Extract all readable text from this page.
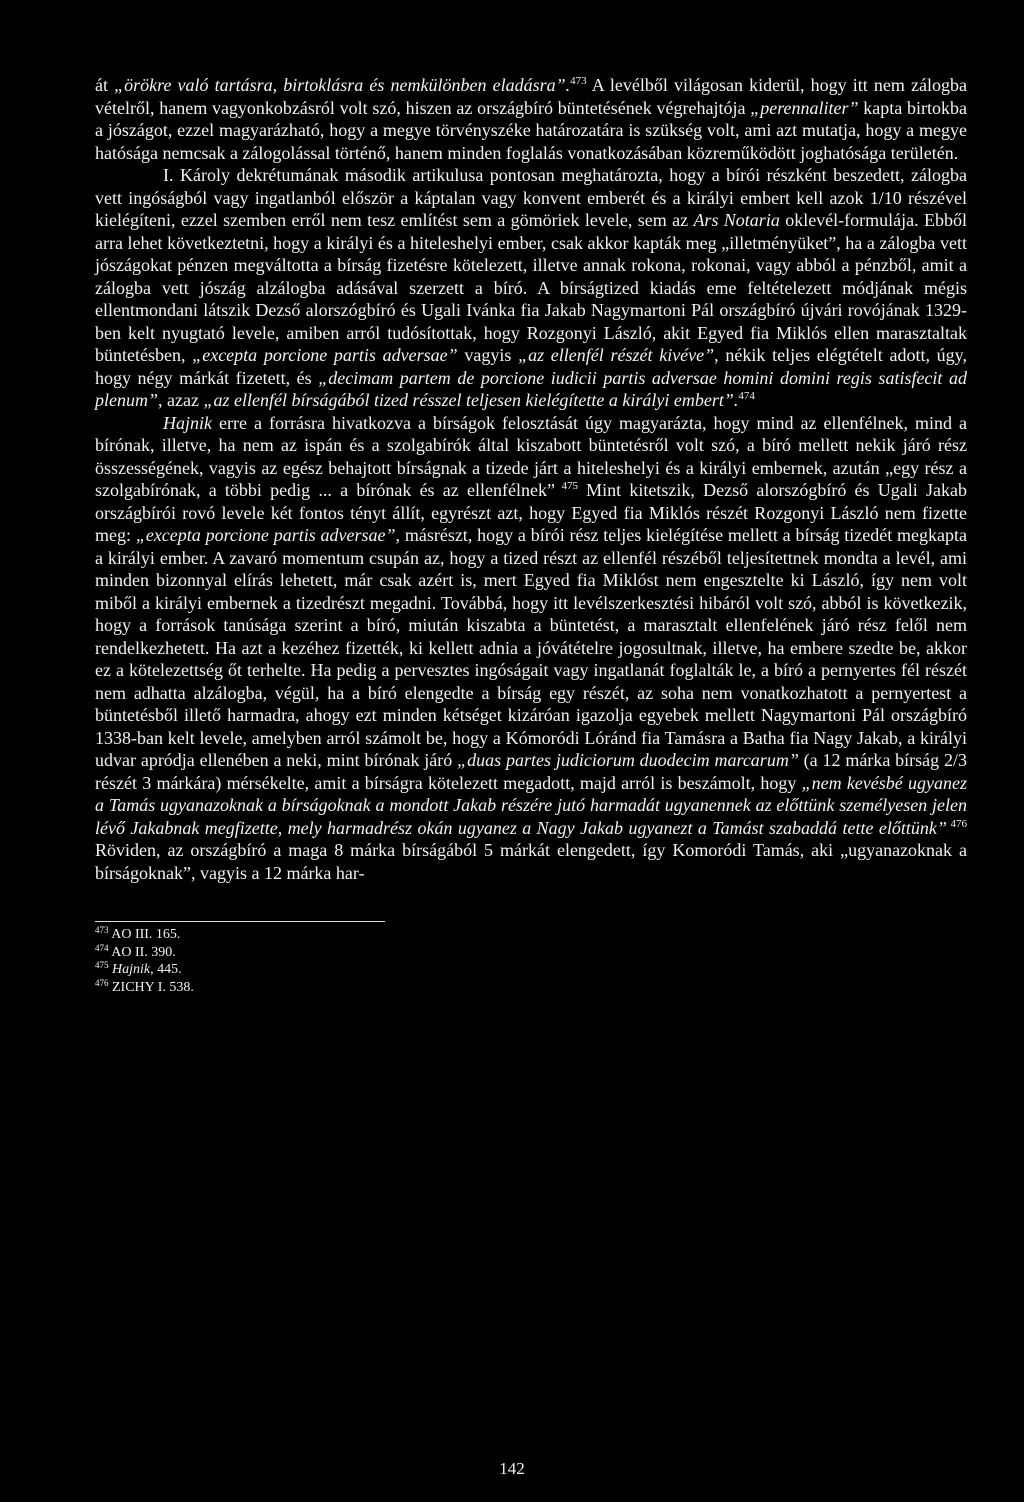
át „örökre való tartásra, birtoklásra és nemkülönben eladásra”.$^{473}$ A levélből világosan kiderül, hogy itt nem zálogba vételről, hanem vagyonkobzásról volt szó, hiszen az országbíró büntetésének végrehajtója „perennaliter” kapta birtokba a jószágot, ezzel magyarázható, hogy a megye törvényszéke határozatára is szükség volt, ami azt mutatja, hogy a megye hatósága nemcsak a zálogolással történő, hanem minden foglalás vonatkozásában közreműködött joghatósága területén.

I. Károly dekrétumának második artikulusa pontosan meghatározta, hogy a bírói részként beszedett, zálogba vett ingóságból vagy ingatlanból először a káptalan vagy konvent emberét és a királyi embert kell azok 1/10 részével kielégíteni, ezzel szemben erről nem tesz említést sem a gömöriek levele, sem az Ars Notaria oklevél-formulája. Ebből arra lehet következtetni, hogy a királyi és a hiteleshelyi ember, csak akkor kapták meg „illetményüket”, ha a zálogba vett jószágokat pénzen megváltotta a bírság fizetésre kötelezett, illetve annak rokona, rokonai, vagy abból a pénzből, amit a zálogba vett jószág alzálogba adásával szerzett a bíró. A bírságtized kiadás eme feltételezett módjának mégis ellentmondani látszik Dezső alorszógbíró és Ugali Ivánka fia Jakab Nagymartoni Pál országbíró újvári rovójának 1329-ben kelt nyugtató levele, amiben arról tudósítottak, hogy Rozgonyi László, akit Egyed fia Miklós ellen marasztaltak büntetésben, „excepta porcione partis adversae” vagyis „az ellenfél részét kivéve”, nékik teljes elégtételt adott, úgy, hogy négy márkát fizetett, és „decimam partem de porcione iudicii partis adversae homini domini regis satisfecit ad plenum”, azaz „az ellenfél bírságából tized résszel teljesen kielégítette a királyi embert”.$^{474}$

Hajnik erre a forrásra hivatkozva a bírságok felosztását úgy magyarázta, hogy mind az ellenfélnek, mind a bírónak, illetve, ha nem az ispán és a szolgabírók által kiszabott büntetésről volt szó, a bíró mellett nekik járó rész összességének, vagyis az egész behajtott bírságnak a tizede járt a hiteleshelyi és a királyi embernek, azután „egy rész a szolgabírónak, a többi pedig ... a bírónak és az ellenfélnek” $^{475}$ Mint kitetszik, Dezső alorszógbíró és Ugali Jakab országbírói rovó levele két fontos tényt állít, egyrészt azt, hogy Egyed fia Miklós részét Rozgonyi László nem fizette meg: „excepta porcione partis adversae”, másrészt, hogy a bírói rész teljes kielégítése mellett a bírság tizedét megkapta a királyi ember. A zavaró momentum csupán az, hogy a tized részt az ellenfél részéből teljesítettnek mondta a levél, ami minden bizonnyal elírás lehetett, már csak azért is, mert Egyed fia Miklóst nem engesztelte ki László, így nem volt miből a királyi embernek a tizedrészt megadni. Továbbá, hogy itt levélszerkesztési hibáról volt szó, abból is következik, hogy a források tanúsága szerint a bíró, miután kiszabta a büntetést, a marasztalt ellenfelének járó rész felől nem rendelkezhetett. Ha azt a kezéhez fizették, ki kellett adnia a jóvátételre jogosultnak, illetve, ha embere szedte be, akkor ez a kötelezettség őt terhelte. Ha pedig a pervesztes ingóságait vagy ingatlanát foglalták le, a bíró a pernyertes fél részét nem adhatta alzálogba, végül, ha a bíró elengedte a bírság egy részét, az soha nem vonatkozhatott a pernyertest a büntetésből illető harmadra, ahogy ezt minden kétséget kizáróan igazolja egyebek mellett Nagymartoni Pál országbíró 1338-ban kelt levele, amelyben arról számolt be, hogy a Kómoródi Lóránd fia Tamásra a Batha fia Nagy Jakab, a királyi udvar apródja ellenében a neki, mint bírónak járó „duas partes judiciorum duodecim marcarum” (a 12 márka bírság 2/3 részét 3 márkára) mérsékelte, amit a bírságra kötelezett megadott, majd arról is beszámolt, hogy „nem kevésbé ugyanez a Tamás ugyanazoknak a bírságoknak a mondott Jakab részére jutó harmadát ugyanennek az előttünk személyesen jelen lévő Jakabnak megfizette, mely harmadrész okán ugyanez a Nagy Jakab ugyanezt a Tamást szabaddá tette előttünk” $^{476}$ Röviden, az országbíró a maga 8 márka bírságából 5 márkát elengedett, így Komoródi Tamás, aki „ugyanazoknak a bírságoknak”, vagyis a 12 márka har-

$^{473}$ AO III. 165.
$^{474}$ AO II. 390.
$^{475}$ Hajnik, 445.
$^{476}$ ZICHY I. 538.
142
